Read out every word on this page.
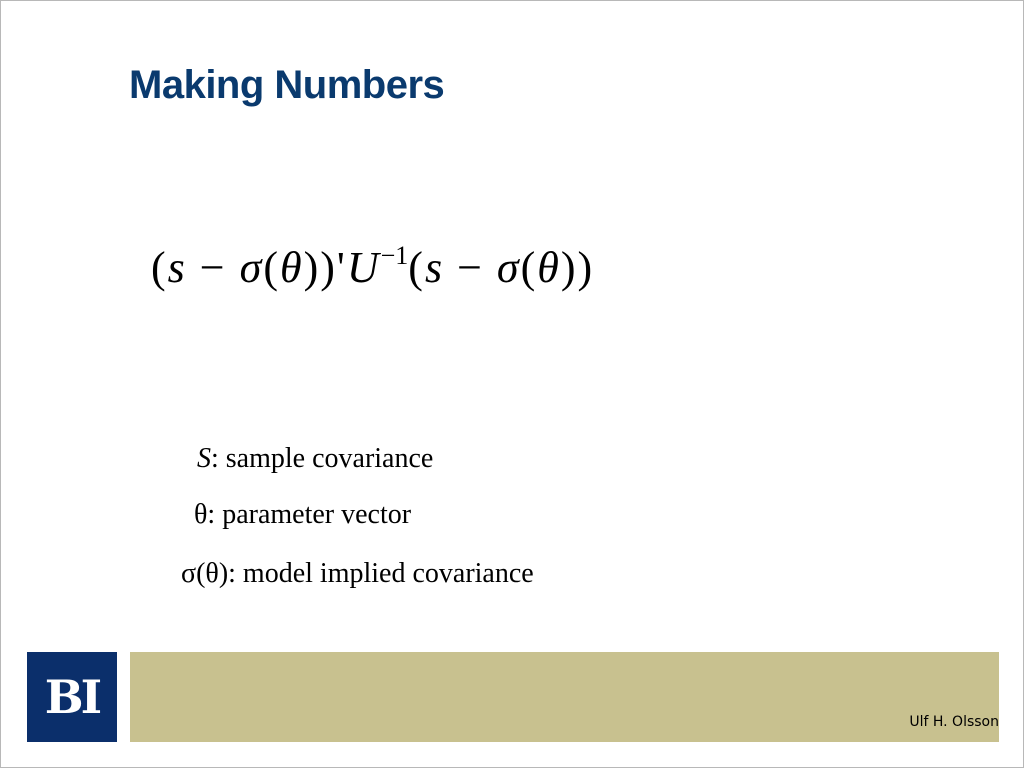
Making Numbers
$(s - \sigma(\theta))'U^{-1}(s - \sigma(\theta))$
S: sample covariance
θ: parameter vector
σ(θ): model implied covariance
BI	Ulf H. Olsson
